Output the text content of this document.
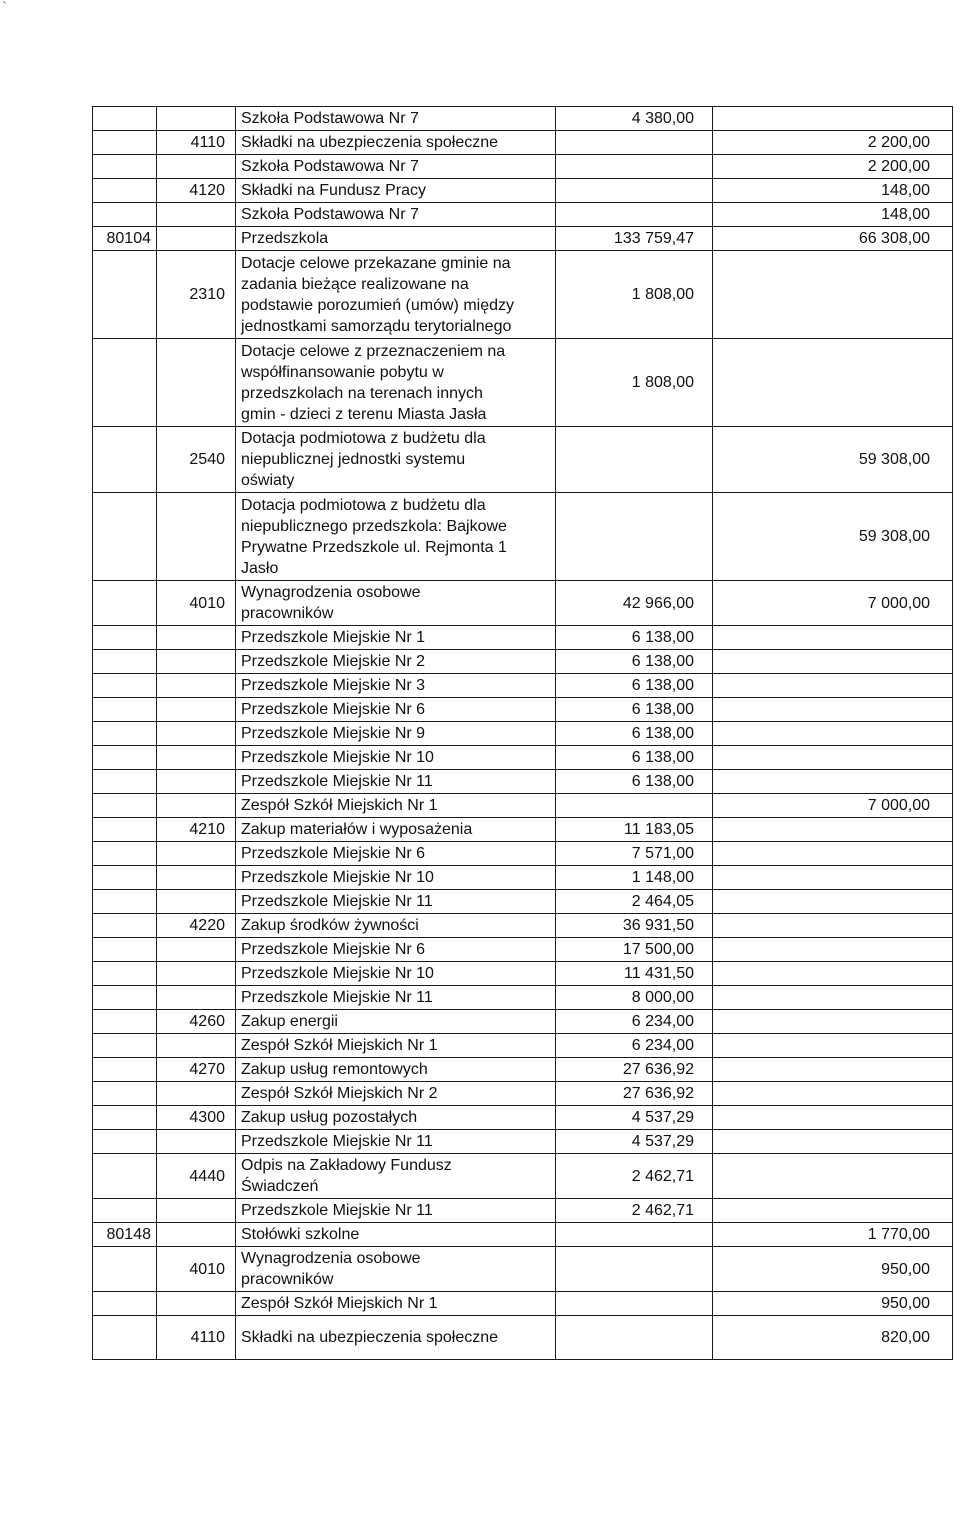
`
		Szkoła Podstawowa Nr 7	4 380,00	
	4110	Składki na ubezpieczenia społeczne		2 200,00
		Szkoła Podstawowa Nr 7		2 200,00
	4120	Składki na Fundusz Pracy		148,00
		Szkoła Podstawowa Nr 7		148,00
80104		Przedszkola	133 759,47	66 308,00
	2310	Dotacje celowe przekazane gminie na
zadania bieżące realizowane na
podstawie porozumień (umów) między
jednostkami samorządu terytorialnego	1 808,00	
		Dotacje celowe z przeznaczeniem na
współfinansowanie pobytu w
przedszkolach na terenach innych
gmin - dzieci z terenu Miasta Jasła	1 808,00	
	2540	Dotacja podmiotowa z budżetu dla
niepublicznej jednostki systemu
oświaty		59 308,00
		Dotacja podmiotowa z budżetu dla
niepublicznego przedszkola: Bajkowe
Prywatne Przedszkole ul. Rejmonta 1
Jasło		59 308,00
	4010	Wynagrodzenia osobowe
pracowników	42 966,00	7 000,00
		Przedszkole Miejskie Nr 1	6 138,00	
		Przedszkole Miejskie Nr 2	6 138,00	
		Przedszkole Miejskie Nr 3	6 138,00	
		Przedszkole Miejskie Nr 6	6 138,00	
		Przedszkole Miejskie Nr 9	6 138,00	
		Przedszkole Miejskie Nr 10	6 138,00	
		Przedszkole Miejskie Nr 11	6 138,00	
		Zespół Szkół Miejskich Nr 1		7 000,00
	4210	Zakup materiałów i wyposażenia	11 183,05	
		Przedszkole Miejskie Nr 6	7 571,00	
		Przedszkole Miejskie Nr 10	1 148,00	
		Przedszkole Miejskie Nr 11	2 464,05	
	4220	Zakup środków żywności	36 931,50	
		Przedszkole Miejskie Nr 6	17 500,00	
		Przedszkole Miejskie Nr 10	11 431,50	
		Przedszkole Miejskie Nr 11	8 000,00	
	4260	Zakup energii	6 234,00	
		Zespół Szkół Miejskich Nr 1	6 234,00	
	4270	Zakup usług remontowych	27 636,92	
		Zespół Szkół Miejskich Nr 2	27 636,92	
	4300	Zakup usług pozostałych	4 537,29	
		Przedszkole Miejskie Nr 11	4 537,29	
	4440	Odpis na Zakładowy Fundusz
Świadczeń	2 462,71	
		Przedszkole Miejskie Nr 11	2 462,71	
80148		Stołówki szkolne		1 770,00
	4010	Wynagrodzenia osobowe
pracowników		950,00
		Zespół Szkół Miejskich Nr 1		950,00
	4110	Składki na ubezpieczenia społeczne		820,00
